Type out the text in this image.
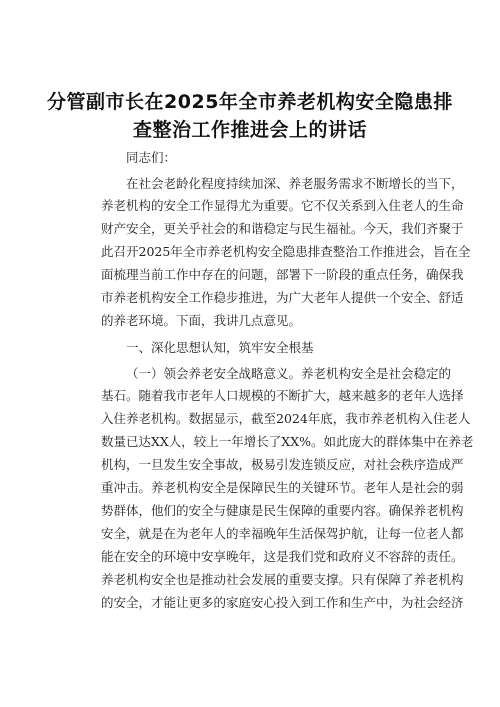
分管副市长在2025年全市养老机构安全隐患排
查整治工作推进会上的讲话
同志们：
在社会老龄化程度持续加深、养老服务需求不断增长的当下，
养老机构的安全工作显得尤为重要。它不仅关系到入住老人的生命
财产安全，更关乎社会的和谐稳定与民生福祉。今天，我们齐聚于
此召开2025年全市养老机构安全隐患排查整治工作推进会，旨在全
面梳理当前工作中存在的问题，部署下一阶段的重点任务，确保我
市养老机构安全工作稳步推进，为广大老年人提供一个安全、舒适
的养老环境。下面，我讲几点意见。
一、深化思想认知，筑牢安全根基
（一）领会养老安全战略意义。养老机构安全是社会稳定的
基石。随着我市老年人口规模的不断扩大，越来越多的老年人选择
入住养老机构。数据显示，截至2024年底，我市养老机构入住老人
数量已达XX人，较上一年增长了XX%。如此庞大的群体集中在养老
机构，一旦发生安全事故，极易引发连锁反应，对社会秩序造成严
重冲击。养老机构安全是保障民生的关键环节。老年人是社会的弱
势群体，他们的安全与健康是民生保障的重要内容。确保养老机构
安全，就是在为老年人的幸福晚年生活保驾护航，让每一位老人都
能在安全的环境中安享晚年，这是我们党和政府义不容辞的责任。
养老机构安全也是推动社会发展的重要支撑。只有保障了养老机构
的安全，才能让更多的家庭安心投入到工作和生产中，为社会经济
